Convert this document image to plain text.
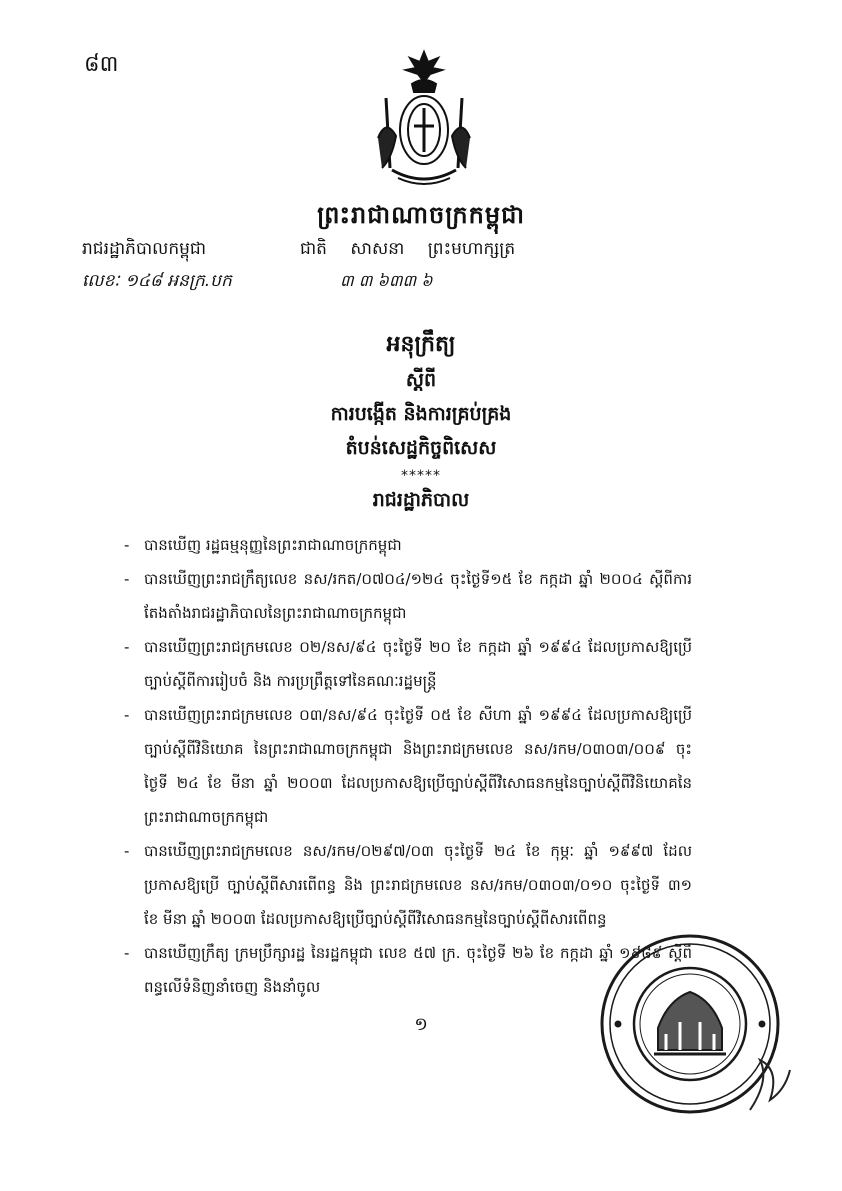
៨៣
ព្រះរាជាណាចក្រកម្ពុជា
រាជរដ្ឋាភិបាលកម្ពុជា	ជាតិ សាសនា ព្រះមហាក្សត្រ
លេខៈ ១៤៨ អនក្រ.បក	៣ ៣ ៦៣៣ ៦
អនុក្រឹត្យ
ស្តីពី
ការបង្កើត និងការគ្រប់គ្រង
តំបន់សេដ្ឋកិច្ចពិសេស
*****
រាជរដ្ឋាភិបាល
- បានឃើញ រដ្ឋធម្មនុញ្ញនៃព្រះរាជាណាចក្រកម្ពុជា
- បានឃើញព្រះរាជក្រឹត្យលេខ នស/រកត/០៧០៤/១២៤ ចុះថ្ងៃទី១៥ ខែ កក្កដា ឆ្នាំ ២០០៤ ស្តីពីការតែងតាំងរាជរដ្ឋាភិបាលនៃព្រះរាជាណាចក្រកម្ពុជា
- បានឃើញព្រះរាជក្រមលេខ ០២/នស/៩៤ ចុះថ្ងៃទី ២០ ខែ កក្កដា ឆ្នាំ ១៩៩៤ ដែលប្រកាសឱ្យប្រើច្បាប់ស្តីពីការរៀបចំ និង ការប្រព្រឹត្តទៅនៃគណៈរដ្ឋមន្ត្រី
- បានឃើញព្រះរាជក្រមលេខ ០៣/នស/៩៤ ចុះថ្ងៃទី ០៥ ខែ សីហា ឆ្នាំ ១៩៩៤ ដែលប្រកាសឱ្យប្រើច្បាប់ស្តីពីវិនិយោគ នៃព្រះរាជាណាចក្រកម្ពុជា និងព្រះរាជក្រមលេខ នស/រកម/០៣០៣/០០៩ ចុះថ្ងៃទី ២៤ ខែ មីនា ឆ្នាំ ២០០៣ ដែលប្រកាសឱ្យប្រើច្បាប់ស្តីពីវិសោធនកម្មនៃច្បាប់ស្តីពីវិនិយោគនៃព្រះរាជាណាចក្រកម្ពុជា
- បានឃើញព្រះរាជក្រមលេខ នស/រកម/០២៩៧/០៣ ចុះថ្ងៃទី ២៤ ខែ កុម្ភៈ ឆ្នាំ ១៩៩៧ ដែលប្រកាសឱ្យប្រើ ច្បាប់ស្តីពីសារពើពន្ធ និង ព្រះរាជក្រមលេខ នស/រកម/០៣០៣/០១០ ចុះថ្ងៃទី ៣១ ខែ មីនា ឆ្នាំ ២០០៣ ដែលប្រកាសឱ្យប្រើច្បាប់ស្តីពីវិសោធនកម្មនៃច្បាប់ស្តីពីសារពើពន្ធ
- បានឃើញក្រឹត្យ ក្រមប្រឹក្សារដ្ឋ នៃរដ្ឋកម្ពុជា លេខ ៥៧ ក្រ. ចុះថ្ងៃទី ២៦ ខែ កក្កដា ឆ្នាំ ១៩៨៩ ស្តីពីពន្ធលើទំនិញនាំចេញ និងនាំចូល
១
